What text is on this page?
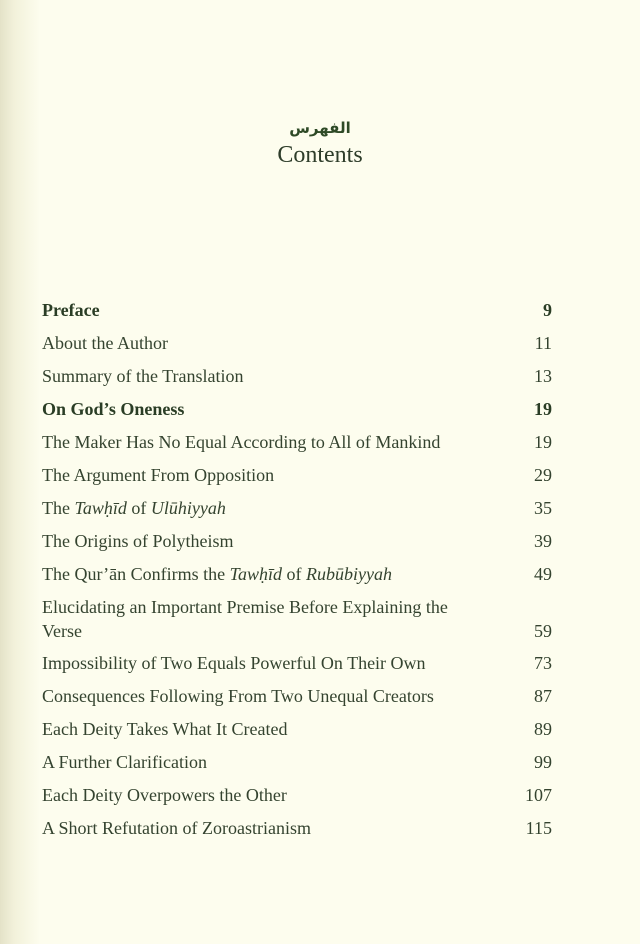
الفهرس
Contents
Preface	9
About the Author	11
Summary of the Translation	13
On God’s Oneness	19
The Maker Has No Equal According to All of Mankind	19
The Argument From Opposition	29
The Tawḥīd of Ulūhiyyah	35
The Origins of Polytheism	39
The Qur’ān Confirms the Tawḥīd of Rubūbiyyah	49
Elucidating an Important Premise Before Explaining the
Verse	59
Impossibility of Two Equals Powerful On Their Own	73
Consequences Following From Two Unequal Creators	87
Each Deity Takes What It Created	89
A Further Clarification	99
Each Deity Overpowers the Other	107
A Short Refutation of Zoroastrianism	115
